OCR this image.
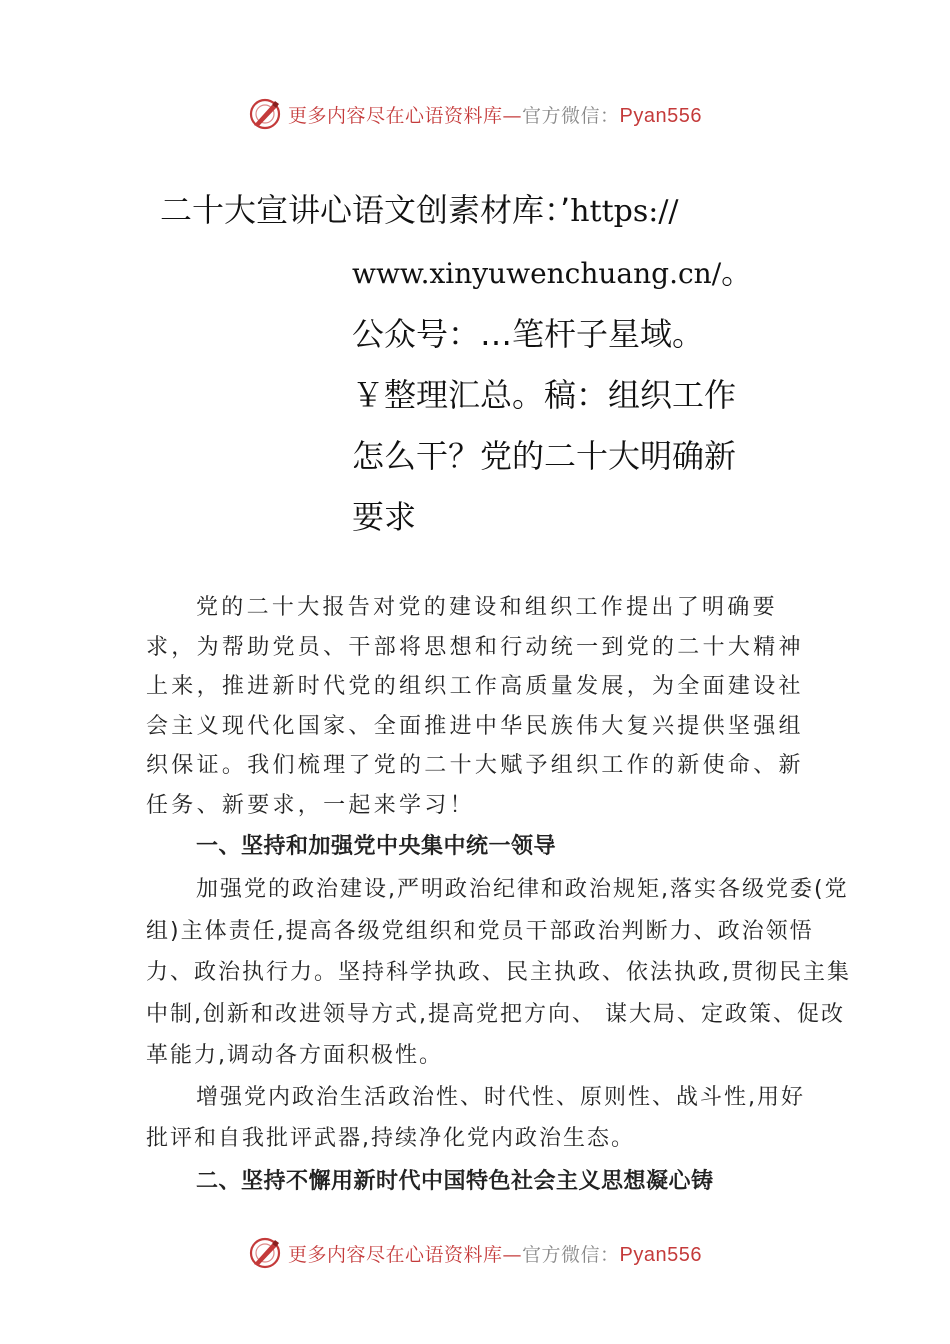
更多内容尽在心语资料库—官方微信：Pyan556
二十大宣讲心语文创素材库：’https://
www.xinyuwenchuang.cn/。
公众号：…笔杆子星域。
￥整理汇总。稿：组织工作
怎么干？党的二十大明确新
要求

党的二十大报告对党的建设和组织工作提出了明确要求，为帮助党员、干部将思想和行动统一到党的二十大精神上来，推进新时代党的组织工作高质量发展，为全面建设社会主义现代化国家、全面推进中华民族伟大复兴提供坚强组织保证。我们梳理了党的二十大赋予组织工作的新使命、新任务、新要求，一起来学习！

一、坚持和加强党中央集中统一领导

加强党的政治建设,严明政治纪律和政治规矩,落实各级党委(党组)主体责任,提高各级党组织和党员干部政治判断力、政治领悟力、政治执行力。坚持科学执政、民主执政、依法执政,贯彻民主集中制,创新和改进领导方式,提高党把方向、 谋大局、定政策、促改革能力,调动各方面积极性。

增强党内政治生活政治性、时代性、原则性、战斗性,用好批评和自我批评武器,持续净化党内政治生态。

二、坚持不懈用新时代中国特色社会主义思想凝心铸
更多内容尽在心语资料库—官方微信：Pyan556
